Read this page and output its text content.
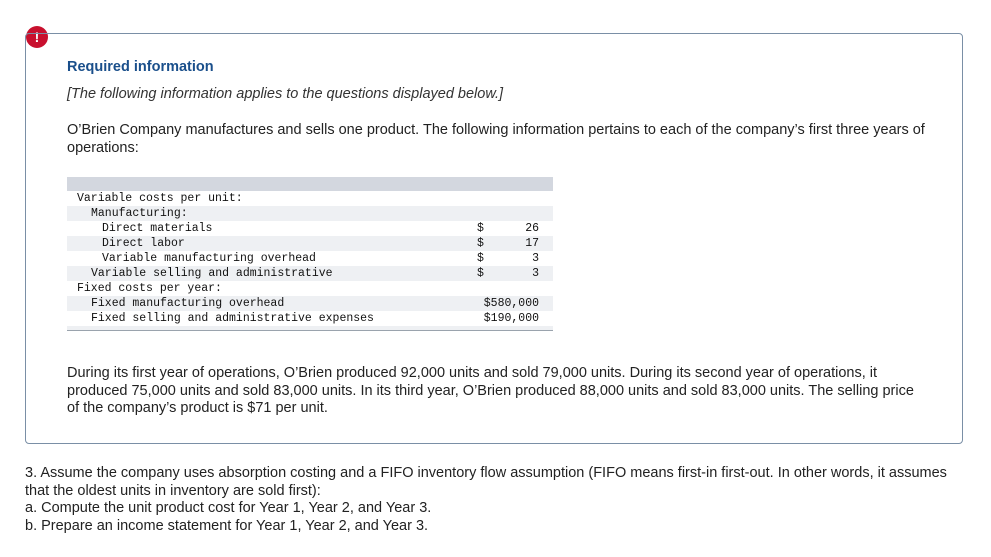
!
Required information
[The following information applies to the questions displayed below.]
O’Brien Company manufactures and sells one product. The following information pertains to each of the company’s first three years of operations:
Variable costs per unit:
Manufacturing:
Direct materials	$	26
Direct labor	$	17
Variable manufacturing overhead	$	3
Variable selling and administrative	$	3
Fixed costs per year:
Fixed manufacturing overhead	$580,000
Fixed selling and administrative expenses	$190,000
During its first year of operations, O’Brien produced 92,000 units and sold 79,000 units. During its second year of operations, it produced 75,000 units and sold 83,000 units. In its third year, O’Brien produced 88,000 units and sold 83,000 units. The selling price of the company’s product is $71 per unit.
3. Assume the company uses absorption costing and a FIFO inventory flow assumption (FIFO means first-in first-out. In other words, it assumes that the oldest units in inventory are sold first):
a. Compute the unit product cost for Year 1, Year 2, and Year 3.
b. Prepare an income statement for Year 1, Year 2, and Year 3.
